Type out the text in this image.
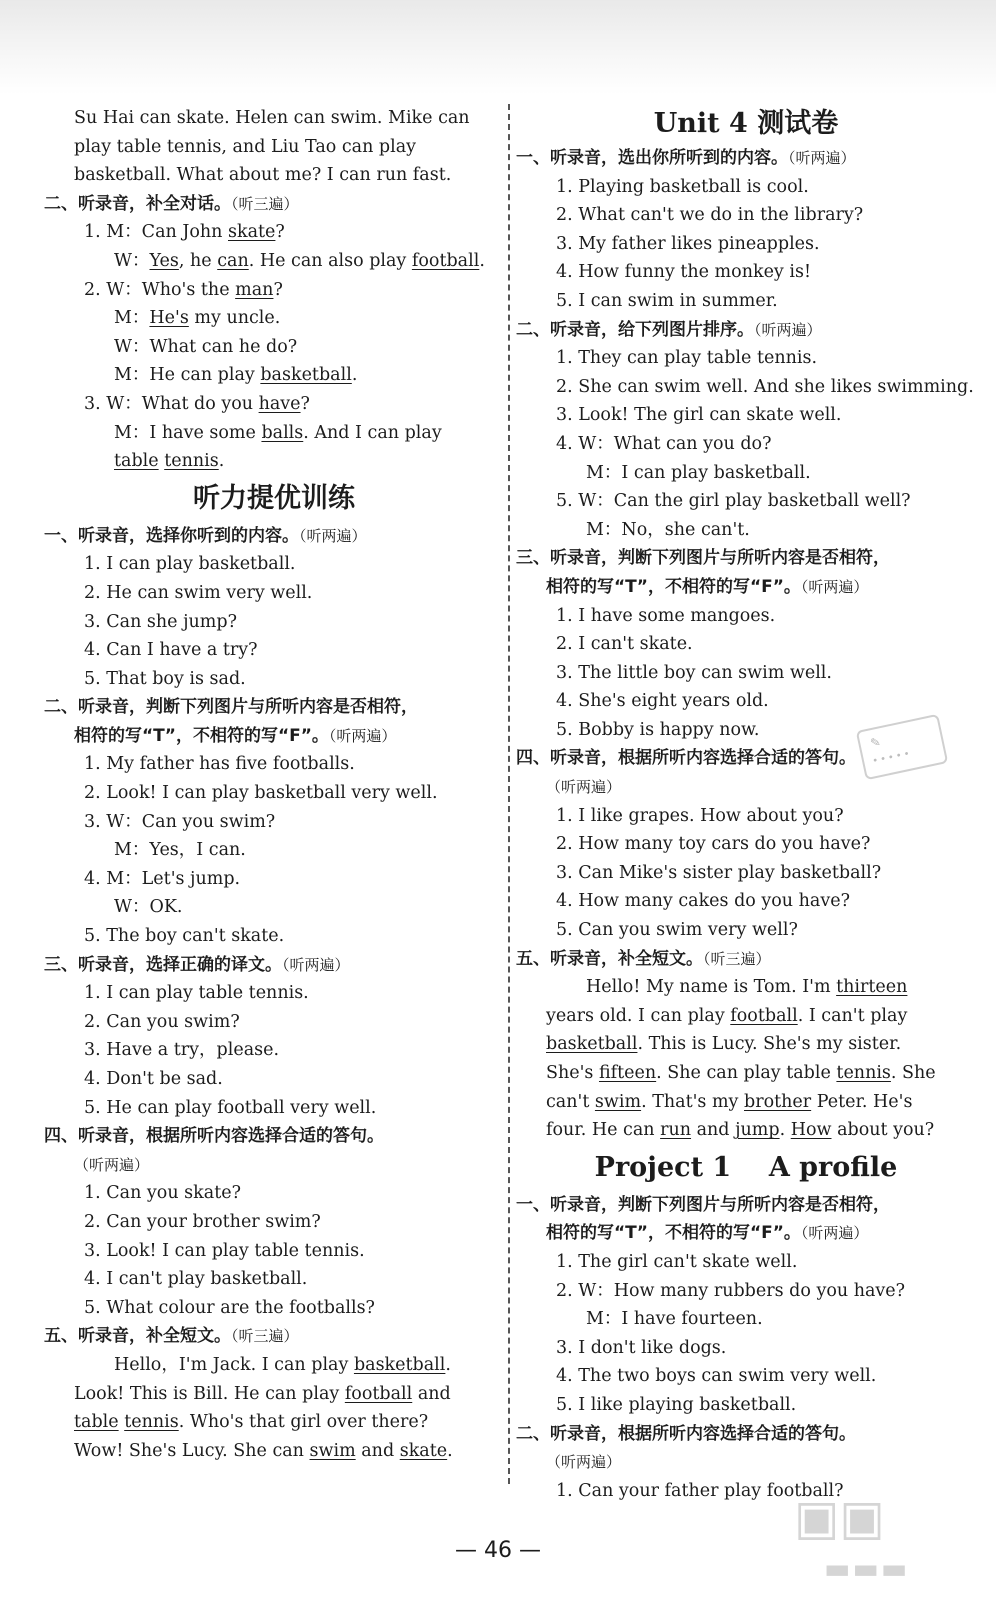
Su Hai can skate. Helen can swim. Mike can
play table tennis, and Liu Tao can play
basketball. What about me? I can run fast.
二、听录音，补全对话。（听三遍）
1. M：Can John skate?
W：Yes, he can. He can also play football.
2. W：Who's the man?
M：He's my uncle.
W：What can he do?
M：He can play basketball.
3. W：What do you have?
M：I have some balls. And I can play
table tennis.
听力提优训练
一、听录音，选择你听到的内容。（听两遍）
1. I can play basketball.
2. He can swim very well.
3. Can she jump?
4. Can I have a try?
5. That boy is sad.
二、听录音，判断下列图片与所听内容是否相符，
相符的写“T”，不相符的写“F”。（听两遍）
1. My father has five footballs.
2. Look! I can play basketball very well.
3. W：Can you swim?
M：Yes，I can.
4. M：Let's jump.
W：OK.
5. The boy can't skate.
三、听录音，选择正确的译文。（听两遍）
1. I can play table tennis.
2. Can you swim?
3. Have a try，please.
4. Don't be sad.
5. He can play football very well.
四、听录音，根据所听内容选择合适的答句。
（听两遍）
1. Can you skate?
2. Can your brother swim?
3. Look! I can play table tennis.
4. I can't play basketball.
5. What colour are the footballs?
五、听录音，补全短文。（听三遍）
Hello，I'm Jack. I can play basketball.
Look! This is Bill. He can play football and
table tennis. Who's that girl over there?
Wow! She's Lucy. She can swim and skate.
Unit 4 测试卷
一、听录音，选出你所听到的内容。（听两遍）
1. Playing basketball is cool.
2. What can't we do in the library?
3. My father likes pineapples.
4. How funny the monkey is!
5. I can swim in summer.
二、听录音，给下列图片排序。（听两遍）
1. They can play table tennis.
2. She can swim well. And she likes swimming.
3. Look! The girl can skate well.
4. W：What can you do?
M：I can play basketball.
5. W：Can the girl play basketball well?
M：No，she can't.
三、听录音，判断下列图片与所听内容是否相符，
相符的写“T”，不相符的写“F”。（听两遍）
1. I have some mangoes.
2. I can't skate.
3. The little boy can swim well.
4. She's eight years old.
5. Bobby is happy now.
四、听录音，根据所听内容选择合适的答句。
（听两遍）
1. I like grapes. How about you?
2. How many toy cars do you have?
3. Can Mike's sister play basketball?
4. How many cakes do you have?
5. Can you swim very well?
五、听录音，补全短文。（听三遍）
Hello! My name is Tom. I'm thirteen
years old. I can play football. I can't play
basketball. This is Lucy. She's my sister.
She's fifteen. She can play table tennis. She
can't swim. That's my brother Peter. He's
four. He can run and jump. How about you?
Project 1    A profile
一、听录音，判断下列图片与所听内容是否相符，
相符的写“T”，不相符的写“F”。（听两遍）
1. The girl can't skate well.
2. W：How many rubbers do you have?
M：I have fourteen.
3. I don't like dogs.
4. The two boys can swim very well.
5. I like playing basketball.
二、听录音，根据所听内容选择合适的答句。
（听两遍）
1. Can your father play football?
✎
•••••
— 46 —
▣▣
▬▬▬
